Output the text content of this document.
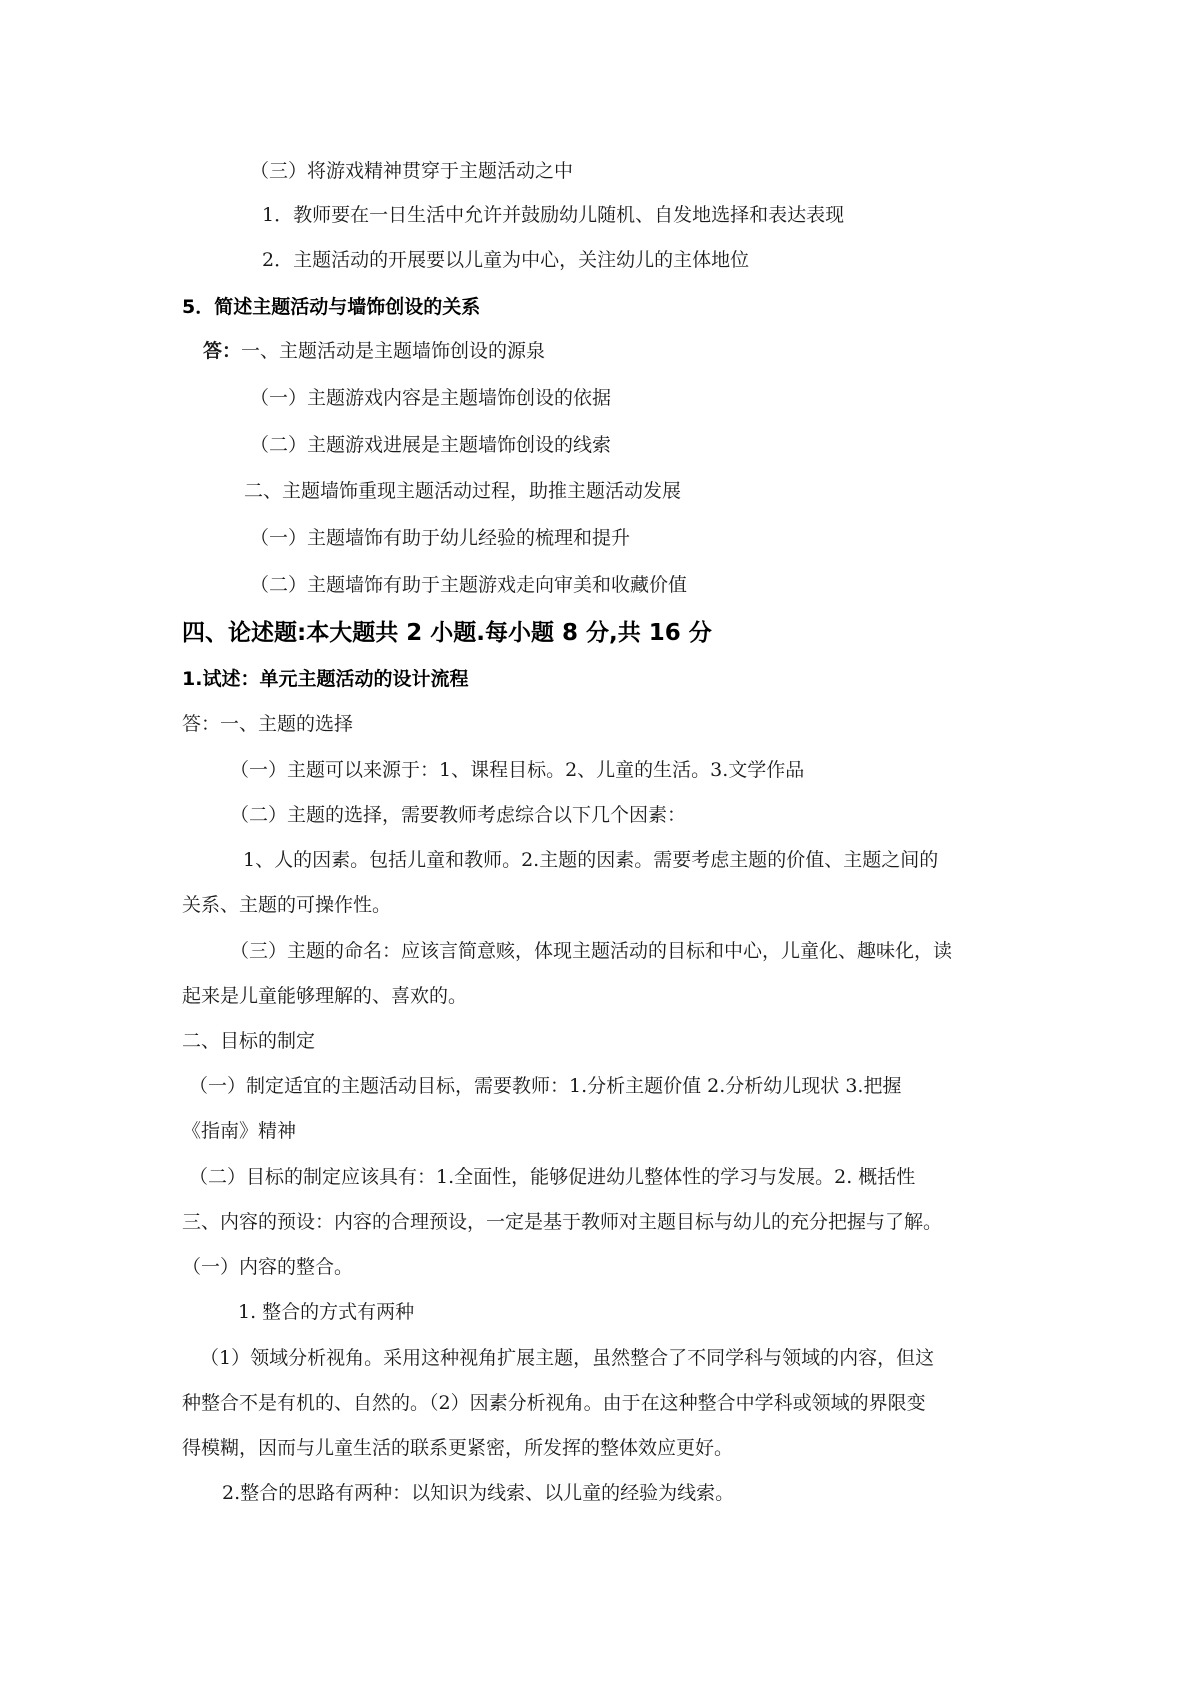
（三）将游戏精神贯穿于主题活动之中
1．教师要在一日生活中允许并鼓励幼儿随机、自发地选择和表达表现
2．主题活动的开展要以儿童为中心，关注幼儿的主体地位
5．简述主题活动与墙饰创设的关系
答：一、主题活动是主题墙饰创设的源泉
（一）主题游戏内容是主题墙饰创设的依据
（二）主题游戏进展是主题墙饰创设的线索
二、主题墙饰重现主题活动过程，助推主题活动发展
（一）主题墙饰有助于幼儿经验的梳理和提升
（二）主题墙饰有助于主题游戏走向审美和收藏价值
四、论述题:本大题共 2 小题.每小题 8 分,共 16 分
1.试述：单元主题活动的设计流程
答：一、主题的选择
（一）主题可以来源于：1、课程目标。2、儿童的生活。3.文学作品
（二）主题的选择，需要教师考虑综合以下几个因素：
1、人的因素。包括儿童和教师。2.主题的因素。需要考虑主题的价值、主题之间的
关系、主题的可操作性。
（三）主题的命名：应该言简意赅，体现主题活动的目标和中心，儿童化、趣味化，读
起来是儿童能够理解的、喜欢的。
二、目标的制定
（一）制定适宜的主题活动目标，需要教师：1.分析主题价值 2.分析幼儿现状 3.把握
《指南》精神
（二）目标的制定应该具有：1.全面性，能够促进幼儿整体性的学习与发展。2. 概括性
三、内容的预设：内容的合理预设，一定是基于教师对主题目标与幼儿的充分把握与了解。
（一）内容的整合。
1. 整合的方式有两种
（1）领域分析视角。采用这种视角扩展主题，虽然整合了不同学科与领域的内容，但这
种整合不是有机的、自然的。（2）因素分析视角。由于在这种整合中学科或领域的界限变
得模糊，因而与儿童生活的联系更紧密，所发挥的整体效应更好。
2.整合的思路有两种：以知识为线索、以儿童的经验为线索。
